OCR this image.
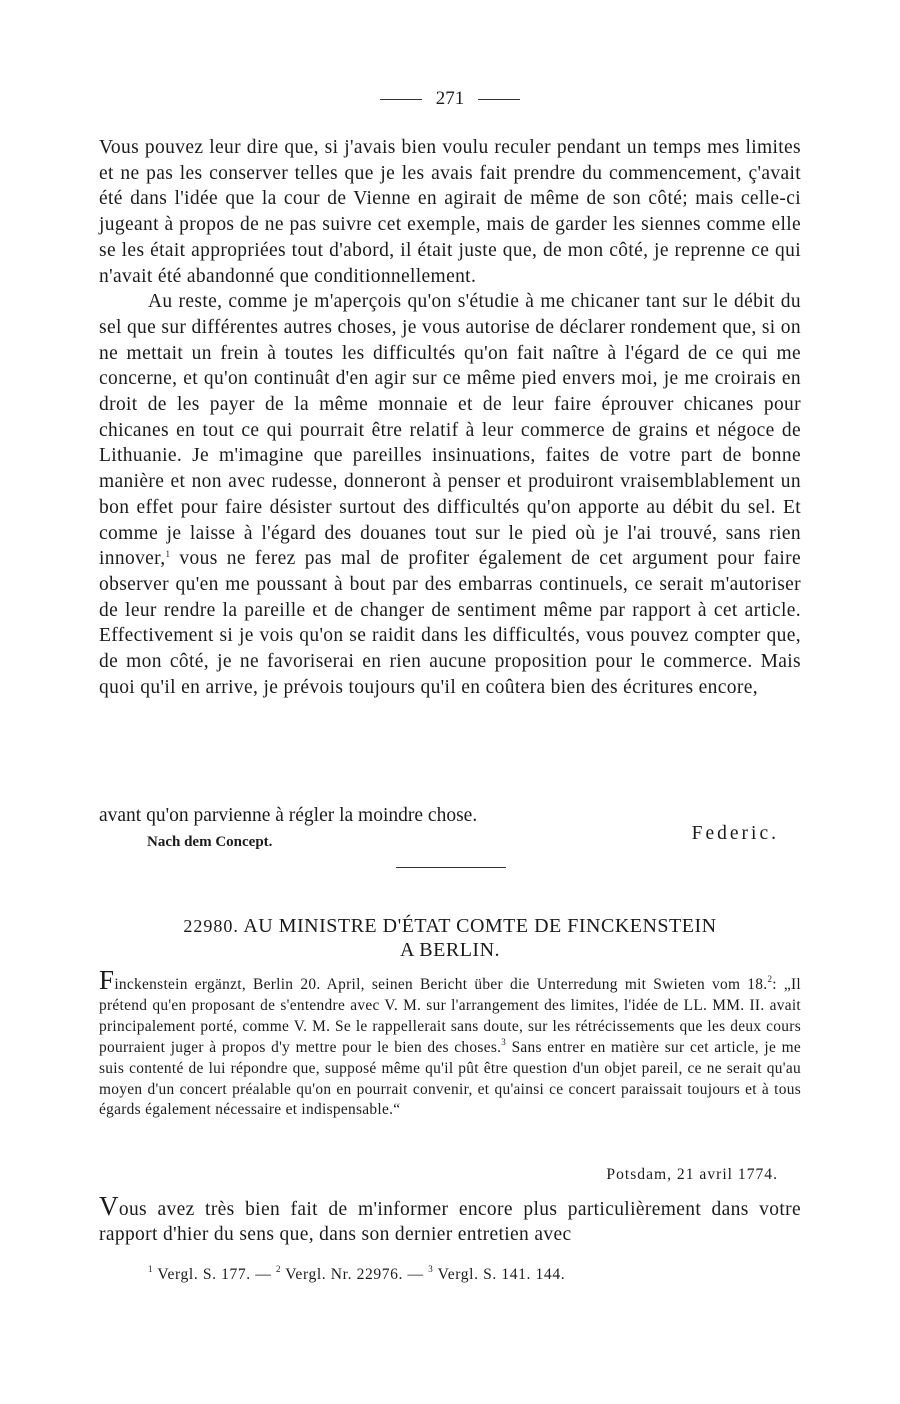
271

Vous pouvez leur dire que, si j'avais bien voulu reculer pendant un temps mes limites et ne pas les conserver telles que je les avais fait prendre du commencement, ç'avait été dans l'idée que la cour de Vienne en agirait de même de son côté; mais celle-ci jugeant à propos de ne pas suivre cet exemple, mais de garder les siennes comme elle se les était appropriées tout d'abord, il était juste que, de mon côté, je reprenne ce qui n'avait été abandonné que conditionnellement.

Au reste, comme je m'aperçois qu'on s'étudie à me chicaner tant sur le débit du sel que sur différentes autres choses, je vous autorise de déclarer rondement que, si on ne mettait un frein à toutes les difficultés qu'on fait naître à l'égard de ce qui me concerne, et qu'on continuât d'en agir sur ce même pied envers moi, je me croirais en droit de les payer de la même monnaie et de leur faire éprouver chicanes pour chicanes en tout ce qui pourrait être relatif à leur commerce de grains et négoce de Lithuanie. Je m'imagine que pareilles insinuations, faites de votre part de bonne manière et non avec rudesse, donneront à penser et produiront vraisemblablement un bon effet pour faire désister surtout des difficultés qu'on apporte au débit du sel. Et comme je laisse à l'égard des douanes tout sur le pied où je l'ai trouvé, sans rien innover,$^1$ vous ne ferez pas mal de profiter également de cet argument pour faire observer qu'en me poussant à bout par des embarras continuels, ce serait m'autoriser de leur rendre la pareille et de changer de sentiment même par rapport à cet article. Effectivement si je vois qu'on se raidit dans les difficultés, vous pouvez compter que, de mon côté, je ne favoriserai en rien aucune proposition pour le commerce. Mais quoi qu'il en arrive, je prévois toujours qu'il en coûtera bien des écritures encore,

avant qu'on parvienne à régler la moindre chose.
Federic.
Nach dem Concept.
22980. AU MINISTRE D'ÉTAT COMTE DE FINCKENSTEIN
A BERLIN.
Finckenstein ergänzt, Berlin 20. April, seinen Bericht über die Unterredung mit Swieten vom 18.$^2$: „Il prétend qu'en proposant de s'entendre avec V. M. sur l'arrangement des limites, l'idée de LL. MM. II. avait principalement porté, comme V. M. Se le rappellerait sans doute, sur les rétrécissements que les deux cours pourraient juger à propos d'y mettre pour le bien des choses.$^3$ Sans entrer en matière sur cet article, je me suis contenté de lui répondre que, supposé même qu'il pût être question d'un objet pareil, ce ne serait qu'au moyen d'un concert préalable qu'on en pourrait convenir, et qu'ainsi ce concert paraissait toujours et à tous égards également nécessaire et indispensable.“
Potsdam, 21 avril 1774.
Vous avez très bien fait de m'informer encore plus particulièrement dans votre rapport d'hier du sens que, dans son dernier entretien avec
$^1$ Vergl. S. 177. — $^2$ Vergl. Nr. 22976. — $^3$ Vergl. S. 141. 144.
